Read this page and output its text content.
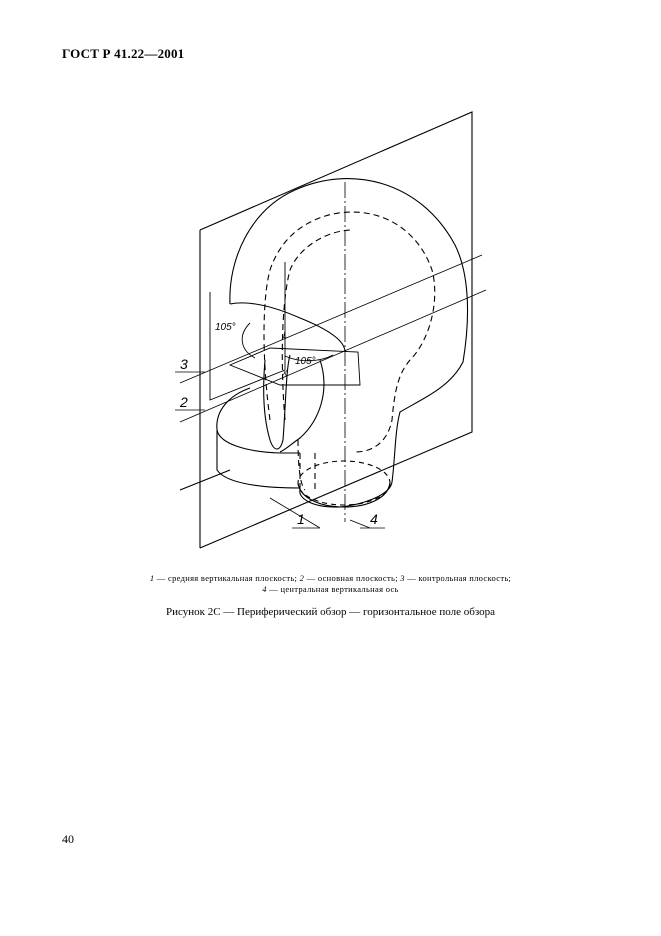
ГОСТ Р 41.22—2001
3
2
1	4
105°
105°
L
X
1 — средняя вертикальная плоскость; 2 — основная плоскость; 3 — контрольная плоскость;
4 — центральная вертикальная ось
Рисунок 2С — Периферический обзор — горизонтальное поле обзора
40
